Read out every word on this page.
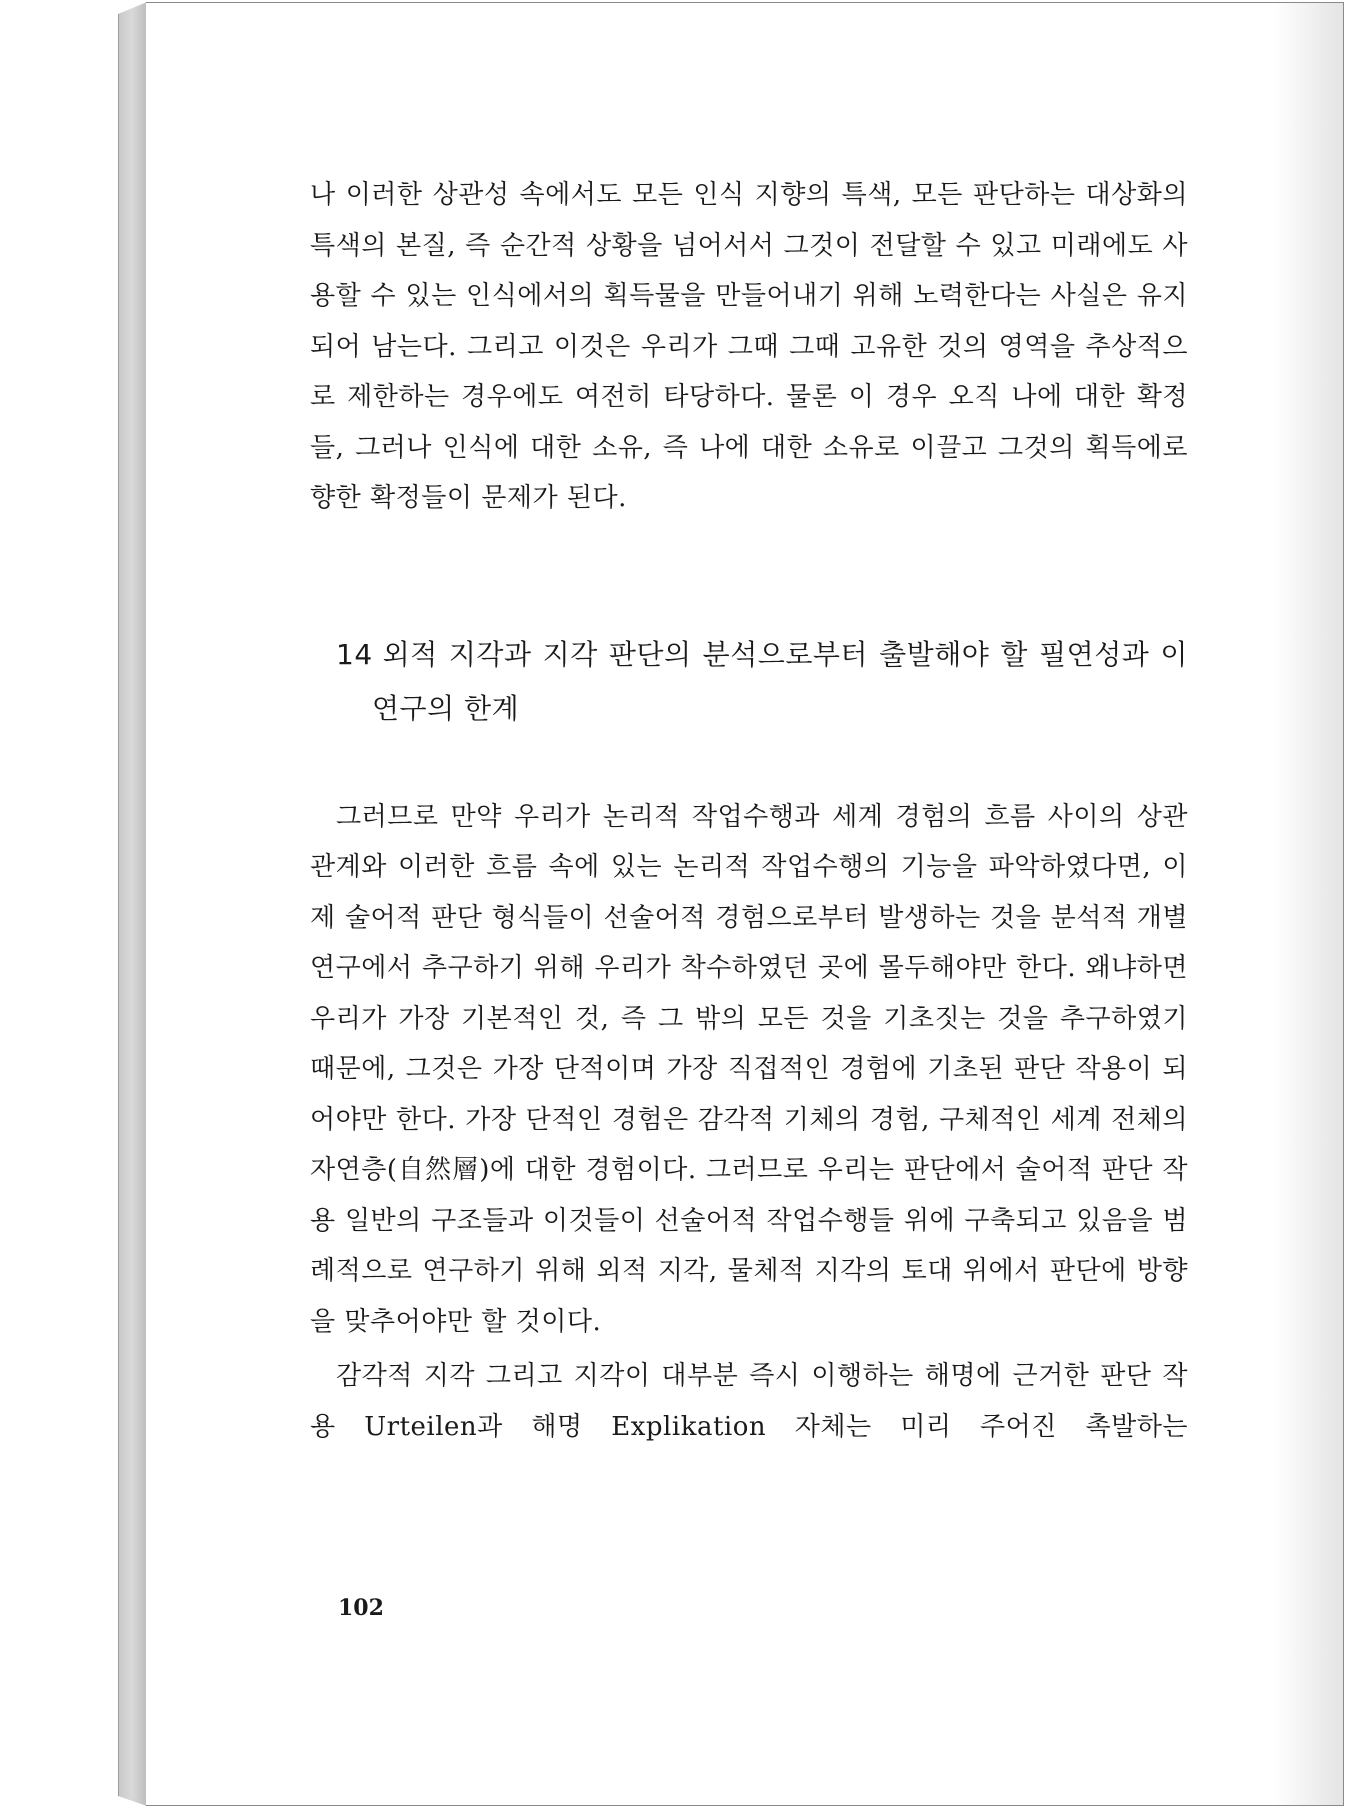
나 이러한 상관성 속에서도 모든 인식 지향의 특색, 모든 판단하는 대상화의 특색의 본질, 즉 순간적 상황을 넘어서서 그것이 전달할 수 있고 미래에도 사용할 수 있는 인식에서의 획득물을 만들어내기 위해 노력한다는 사실은 유지되어 남는다. 그리고 이것은 우리가 그때 그때 고유한 것의 영역을 추상적으로 제한하는 경우에도 여전히 타당하다. 물론 이 경우 오직 나에 대한 확정들, 그러나 인식에 대한 소유, 즉 나에 대한 소유로 이끌고 그것의 획득에로 향한 확정들이 문제가 된다.

14 외적 지각과 지각 판단의 분석으로부터 출발해야 할 필연성과 이 연구의 한계

그러므로 만약 우리가 논리적 작업수행과 세계 경험의 흐름 사이의 상관 관계와 이러한 흐름 속에 있는 논리적 작업수행의 기능을 파악하였다면, 이제 술어적 판단 형식들이 선술어적 경험으로부터 발생하는 것을 분석적 개별 연구에서 추구하기 위해 우리가 착수하였던 곳에 몰두해야만 한다. 왜냐하면 우리가 가장 기본적인 것, 즉 그 밖의 모든 것을 기초짓는 것을 추구하였기 때문에, 그것은 가장 단적이며 가장 직접적인 경험에 기초된 판단 작용이 되어야만 한다. 가장 단적인 경험은 감각적 기체의 경험, 구체적인 세계 전체의 자연층(自然層)에 대한 경험이다. 그러므로 우리는 판단에서 술어적 판단 작용 일반의 구조들과 이것들이 선술어적 작업수행들 위에 구축되고 있음을 범례적으로 연구하기 위해 외적 지각, 물체적 지각의 토대 위에서 판단에 방향을 맞추어야만 할 것이다.

감각적 지각 그리고 지각이 대부분 즉시 이행하는 해명에 근거한 판단 작용 Urteilen과 해명 Explikation 자체는 미리 주어진 촉발하는

102
